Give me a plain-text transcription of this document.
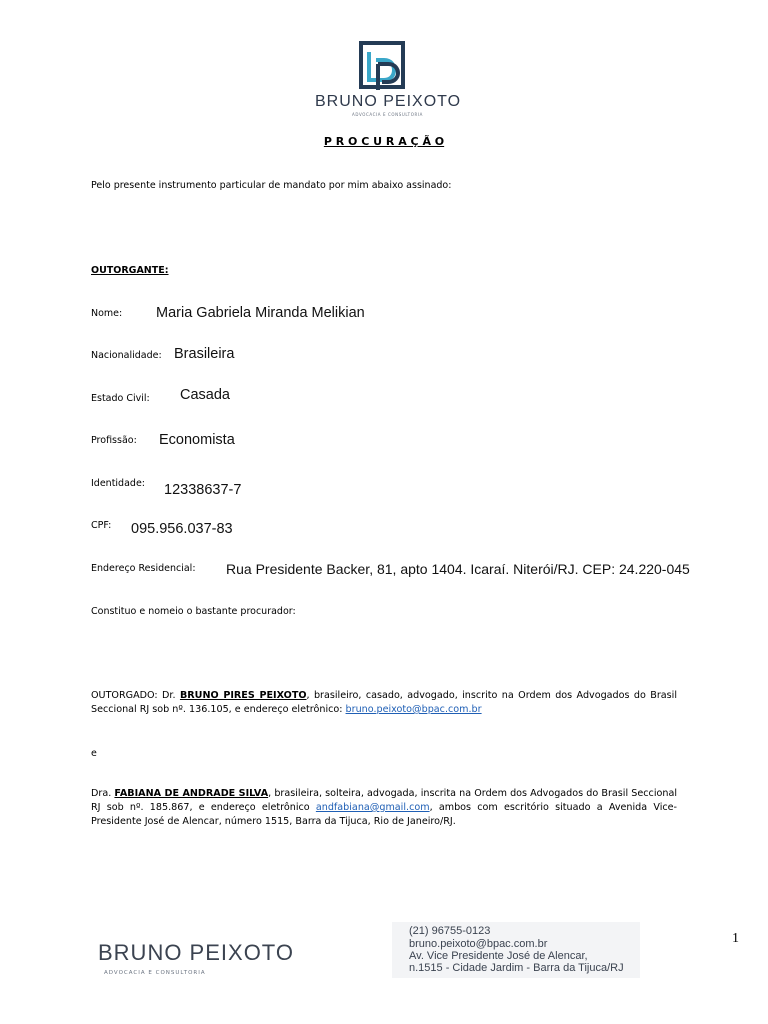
BRUNO PEIXOTO
ADVOCACIA E CONSULTORIA
P R O C U R A Ç Ã O
Pelo presente instrumento particular de mandato por mim abaixo assinado:
OUTORGANTE:
Nome: Maria Gabriela Miranda Melikian
Nacionalidade: Brasileira
Estado Civil: Casada
Profissão: Economista
Identidade: 12338637-7
CPF: 095.956.037-83
Endereço Residencial: Rua Presidente Backer, 81, apto 1404. Icaraí. Niterói/RJ. CEP: 24.220-045
Constituo e nomeio o bastante procurador:
OUTORGADO: Dr. BRUNO PIRES PEIXOTO, brasileiro, casado, advogado, inscrito na Ordem dos Advogados do Brasil Seccional RJ sob nº. 136.105, e endereço eletrônico: bruno.peixoto@bpac.com.br
e
Dra. FABIANA DE ANDRADE SILVA, brasileira, solteira, advogada, inscrita na Ordem dos Advogados do Brasil Seccional RJ sob nº. 185.867, e endereço eletrônico andfabiana@gmail.com, ambos com escritório situado a Avenida Vice-Presidente José de Alencar, número 1515, Barra da Tijuca, Rio de Janeiro/RJ.
BRUNO PEIXOTO
ADVOCACIA E CONSULTORIA
(21) 96755-0123
bruno.peixoto@bpac.com.br
Av. Vice Presidente José de Alencar,
n.1515 - Cidade Jardim - Barra da Tijuca/RJ
1
